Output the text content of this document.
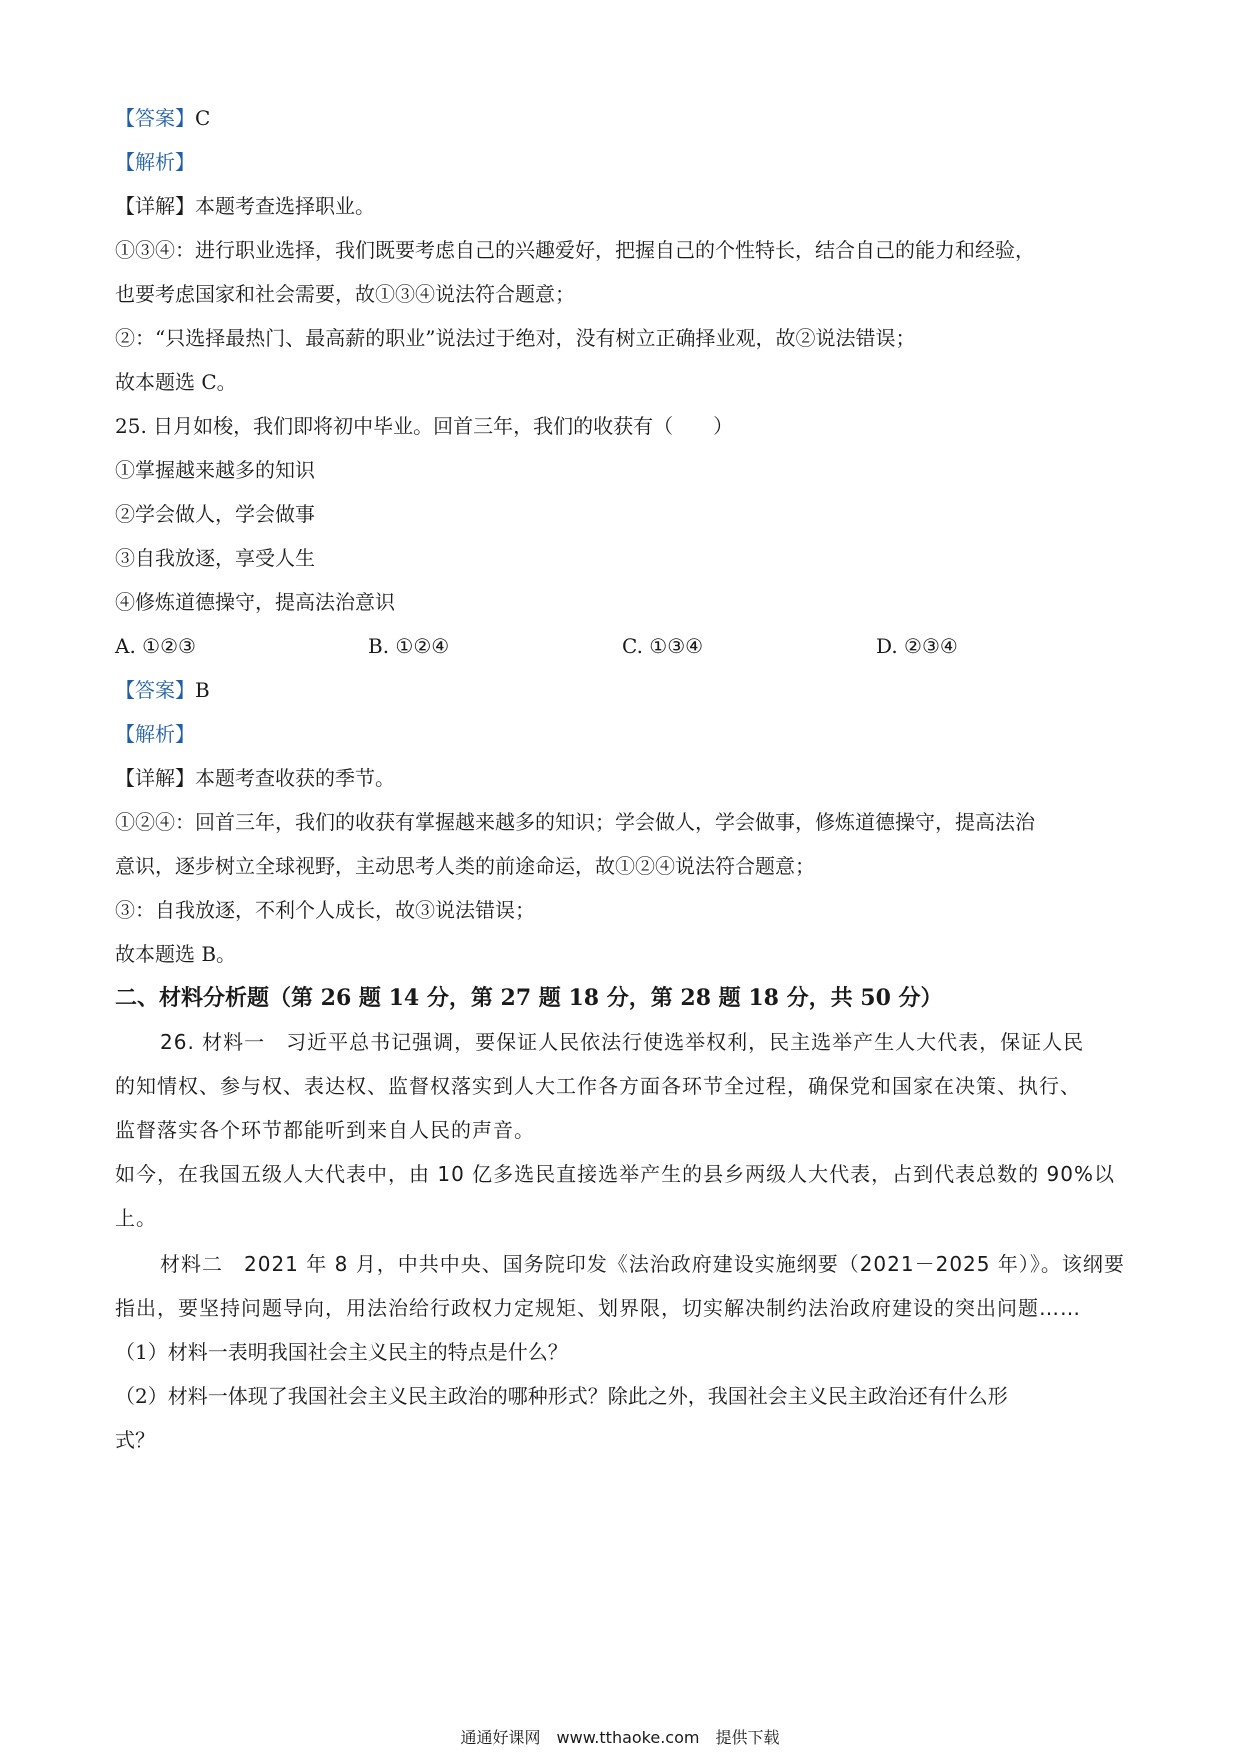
【答案】C
【解析】
【详解】本题考查选择职业。
①③④：进行职业选择，我们既要考虑自己的兴趣爱好，把握自己的个性特长，结合自己的能力和经验，
也要考虑国家和社会需要，故①③④说法符合题意；
②：“只选择最热门、最高薪的职业”说法过于绝对，没有树立正确择业观，故②说法错误；
故本题选 C。
25. 日月如梭，我们即将初中毕业。回首三年，我们的收获有（　　）
①掌握越来越多的知识
②学会做人，学会做事
③自我放逐，享受人生
④修炼道德操守，提高法治意识
A. ①②③	B. ①②④	C. ①③④	D. ②③④
【答案】B
【解析】
【详解】本题考查收获的季节。
①②④：回首三年，我们的收获有掌握越来越多的知识；学会做人，学会做事，修炼道德操守，提高法治
意识，逐步树立全球视野，主动思考人类的前途命运，故①②④说法符合题意；
③：自我放逐，不利个人成长，故③说法错误；
故本题选 B。
二、材料分析题（第 26 题 14 分，第 27 题 18 分，第 28 题 18 分，共 50 分）
26. 材料一　习近平总书记强调，要保证人民依法行使选举权利，民主选举产生人大代表，保证人民
的知情权、参与权、表达权、监督权落实到人大工作各方面各环节全过程，确保党和国家在决策、执行、
监督落实各个环节都能听到来自人民的声音。
如今，在我国五级人大代表中，由 10 亿多选民直接选举产生的县乡两级人大代表，占到代表总数的 90%以
上。
材料二　2021 年 8 月，中共中央、国务院印发《法治政府建设实施纲要（2021－2025 年）》。该纲要
指出，要坚持问题导向，用法治给行政权力定规矩、划界限，切实解决制约法治政府建设的突出问题……
（1）材料一表明我国社会主义民主的特点是什么？
（2）材料一体现了我国社会主义民主政治的哪种形式？除此之外，我国社会主义民主政治还有什么形
式？
通通好课网　www.tthaoke.com　提供下载
